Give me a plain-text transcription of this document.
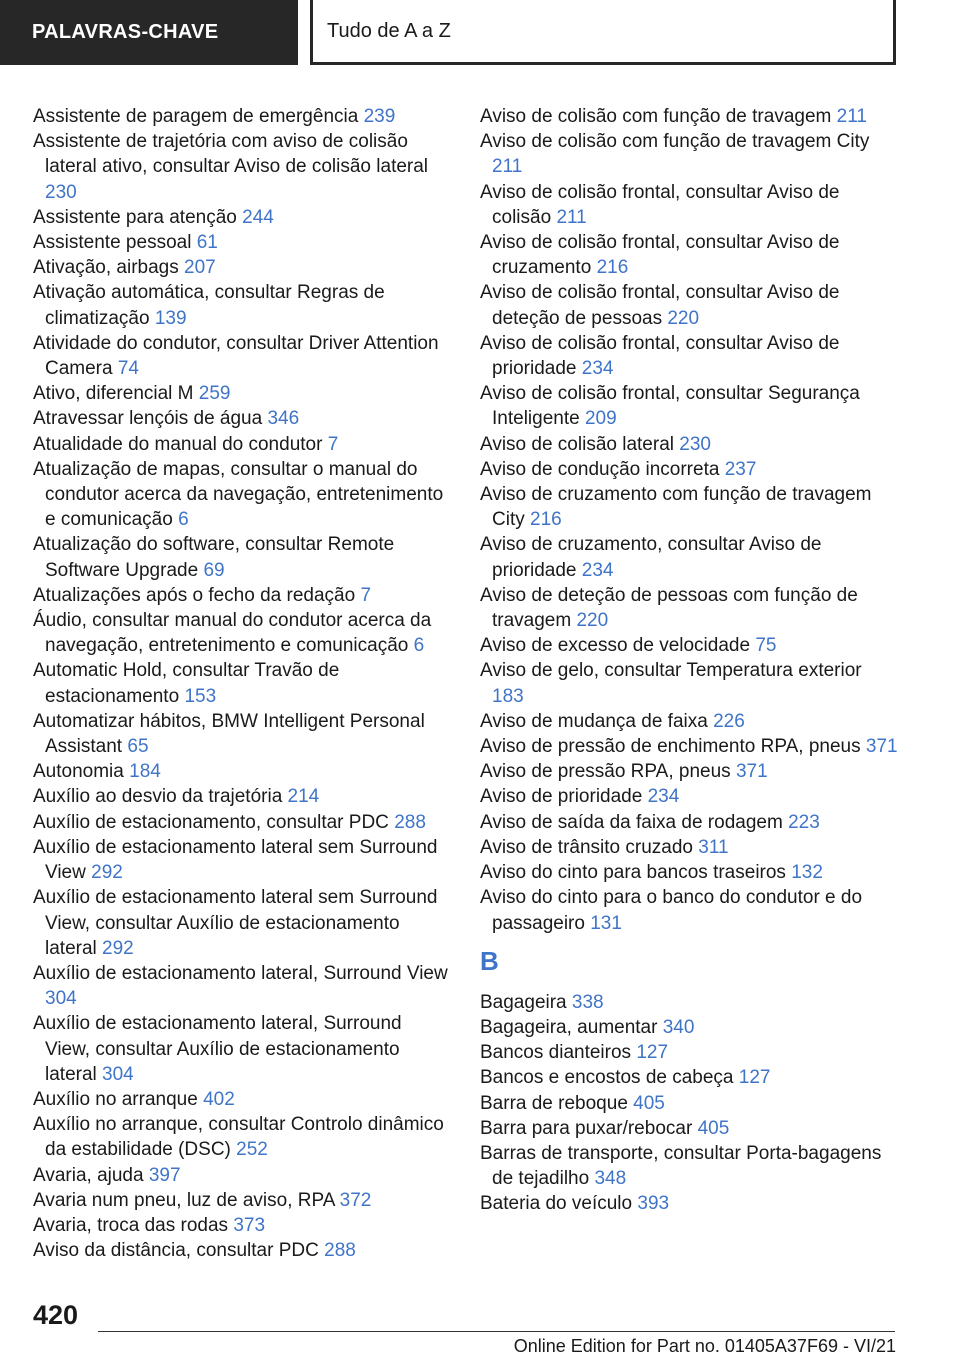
PALAVRAS-CHAVE	Tudo de A a Z
Assistente de paragem de emergência 239
Assistente de trajetória com aviso de colisão lateral ativo, consultar Aviso de colisão lateral 230
Assistente para atenção 244
Assistente pessoal 61
Ativação, airbags 207
Ativação automática, consultar Regras de climatização 139
Atividade do condutor, consultar Driver Attention Camera 74
Ativo, diferencial M 259
Atravessar lençóis de água 346
Atualidade do manual do condutor 7
Atualização de mapas, consultar o manual do condutor acerca da navegação, entretenimento e comunicação 6
Atualização do software, consultar Remote Software Upgrade 69
Atualizações após o fecho da redação 7
Áudio, consultar manual do condutor acerca da navegação, entretenimento e comunicação 6
Automatic Hold, consultar Travão de estacionamento 153
Automatizar hábitos, BMW Intelligent Personal Assistant 65
Autonomia 184
Auxílio ao desvio da trajetória 214
Auxílio de estacionamento, consultar PDC 288
Auxílio de estacionamento lateral sem Surround View 292
Auxílio de estacionamento lateral sem Surround View, consultar Auxílio de estacionamento lateral 292
Auxílio de estacionamento lateral, Surround View 304
Auxílio de estacionamento lateral, Surround View, consultar Auxílio de estacionamento lateral 304
Auxílio no arranque 402
Auxílio no arranque, consultar Controlo dinâmico da estabilidade (DSC) 252
Avaria, ajuda 397
Avaria num pneu, luz de aviso, RPA 372
Avaria, troca das rodas 373
Aviso da distância, consultar PDC 288
Aviso de colisão com função de travagem 211
Aviso de colisão com função de travagem City 211
Aviso de colisão frontal, consultar Aviso de colisão 211
Aviso de colisão frontal, consultar Aviso de cruzamento 216
Aviso de colisão frontal, consultar Aviso de deteção de pessoas 220
Aviso de colisão frontal, consultar Aviso de prioridade 234
Aviso de colisão frontal, consultar Segurança Inteligente 209
Aviso de colisão lateral 230
Aviso de condução incorreta 237
Aviso de cruzamento com função de travagem City 216
Aviso de cruzamento, consultar Aviso de prioridade 234
Aviso de deteção de pessoas com função de travagem 220
Aviso de excesso de velocidade 75
Aviso de gelo, consultar Temperatura exterior 183
Aviso de mudança de faixa 226
Aviso de pressão de enchimento RPA, pneus 371
Aviso de pressão RPA, pneus 371
Aviso de prioridade 234
Aviso de saída da faixa de rodagem 223
Aviso de trânsito cruzado 311
Aviso do cinto para bancos traseiros 132
Aviso do cinto para o banco do condutor e do passageiro 131
B
Bagageira 338
Bagageira, aumentar 340
Bancos dianteiros 127
Bancos e encostos de cabeça 127
Barra de reboque 405
Barra para puxar/rebocar 405
Barras de transporte, consultar Porta-bagagens de tejadilho 348
Bateria do veículo 393
420
Online Edition for Part no. 01405A37F69 - VI/21
